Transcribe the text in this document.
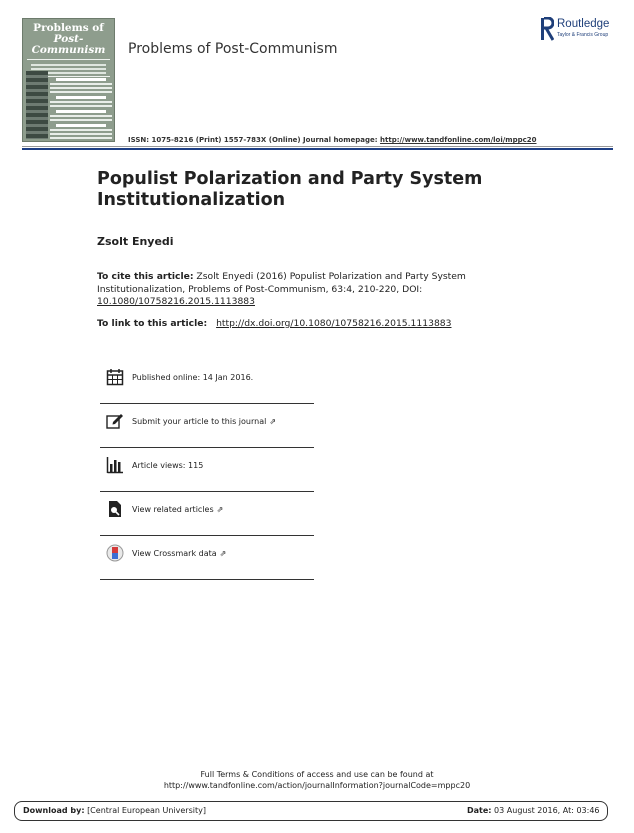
Problems of
Post-Communism	Problems of Post-Communism
Routledge
Taylor & Francis Group
ISSN: 1075-8216 (Print) 1557-783X (Online) Journal homepage: http://www.tandfonline.com/loi/mppc20
Populist Polarization and Party System Institutionalization
Zsolt Enyedi
To cite this article: Zsolt Enyedi (2016) Populist Polarization and Party System Institutionalization, Problems of Post-Communism, 63:4, 210-220, DOI: 10.1080/10758216.2015.1113883
To link to this article: http://dx.doi.org/10.1080/10758216.2015.1113883
Published online: 14 Jan 2016.
Submit your article to this journal ⇗
Article views: 115
View related articles ⇗
View Crossmark data ⇗
Full Terms & Conditions of access and use can be found at
http://www.tandfonline.com/action/journalInformation?journalCode=mppc20
Download by: [Central European University]	Date: 03 August 2016, At: 03:46
